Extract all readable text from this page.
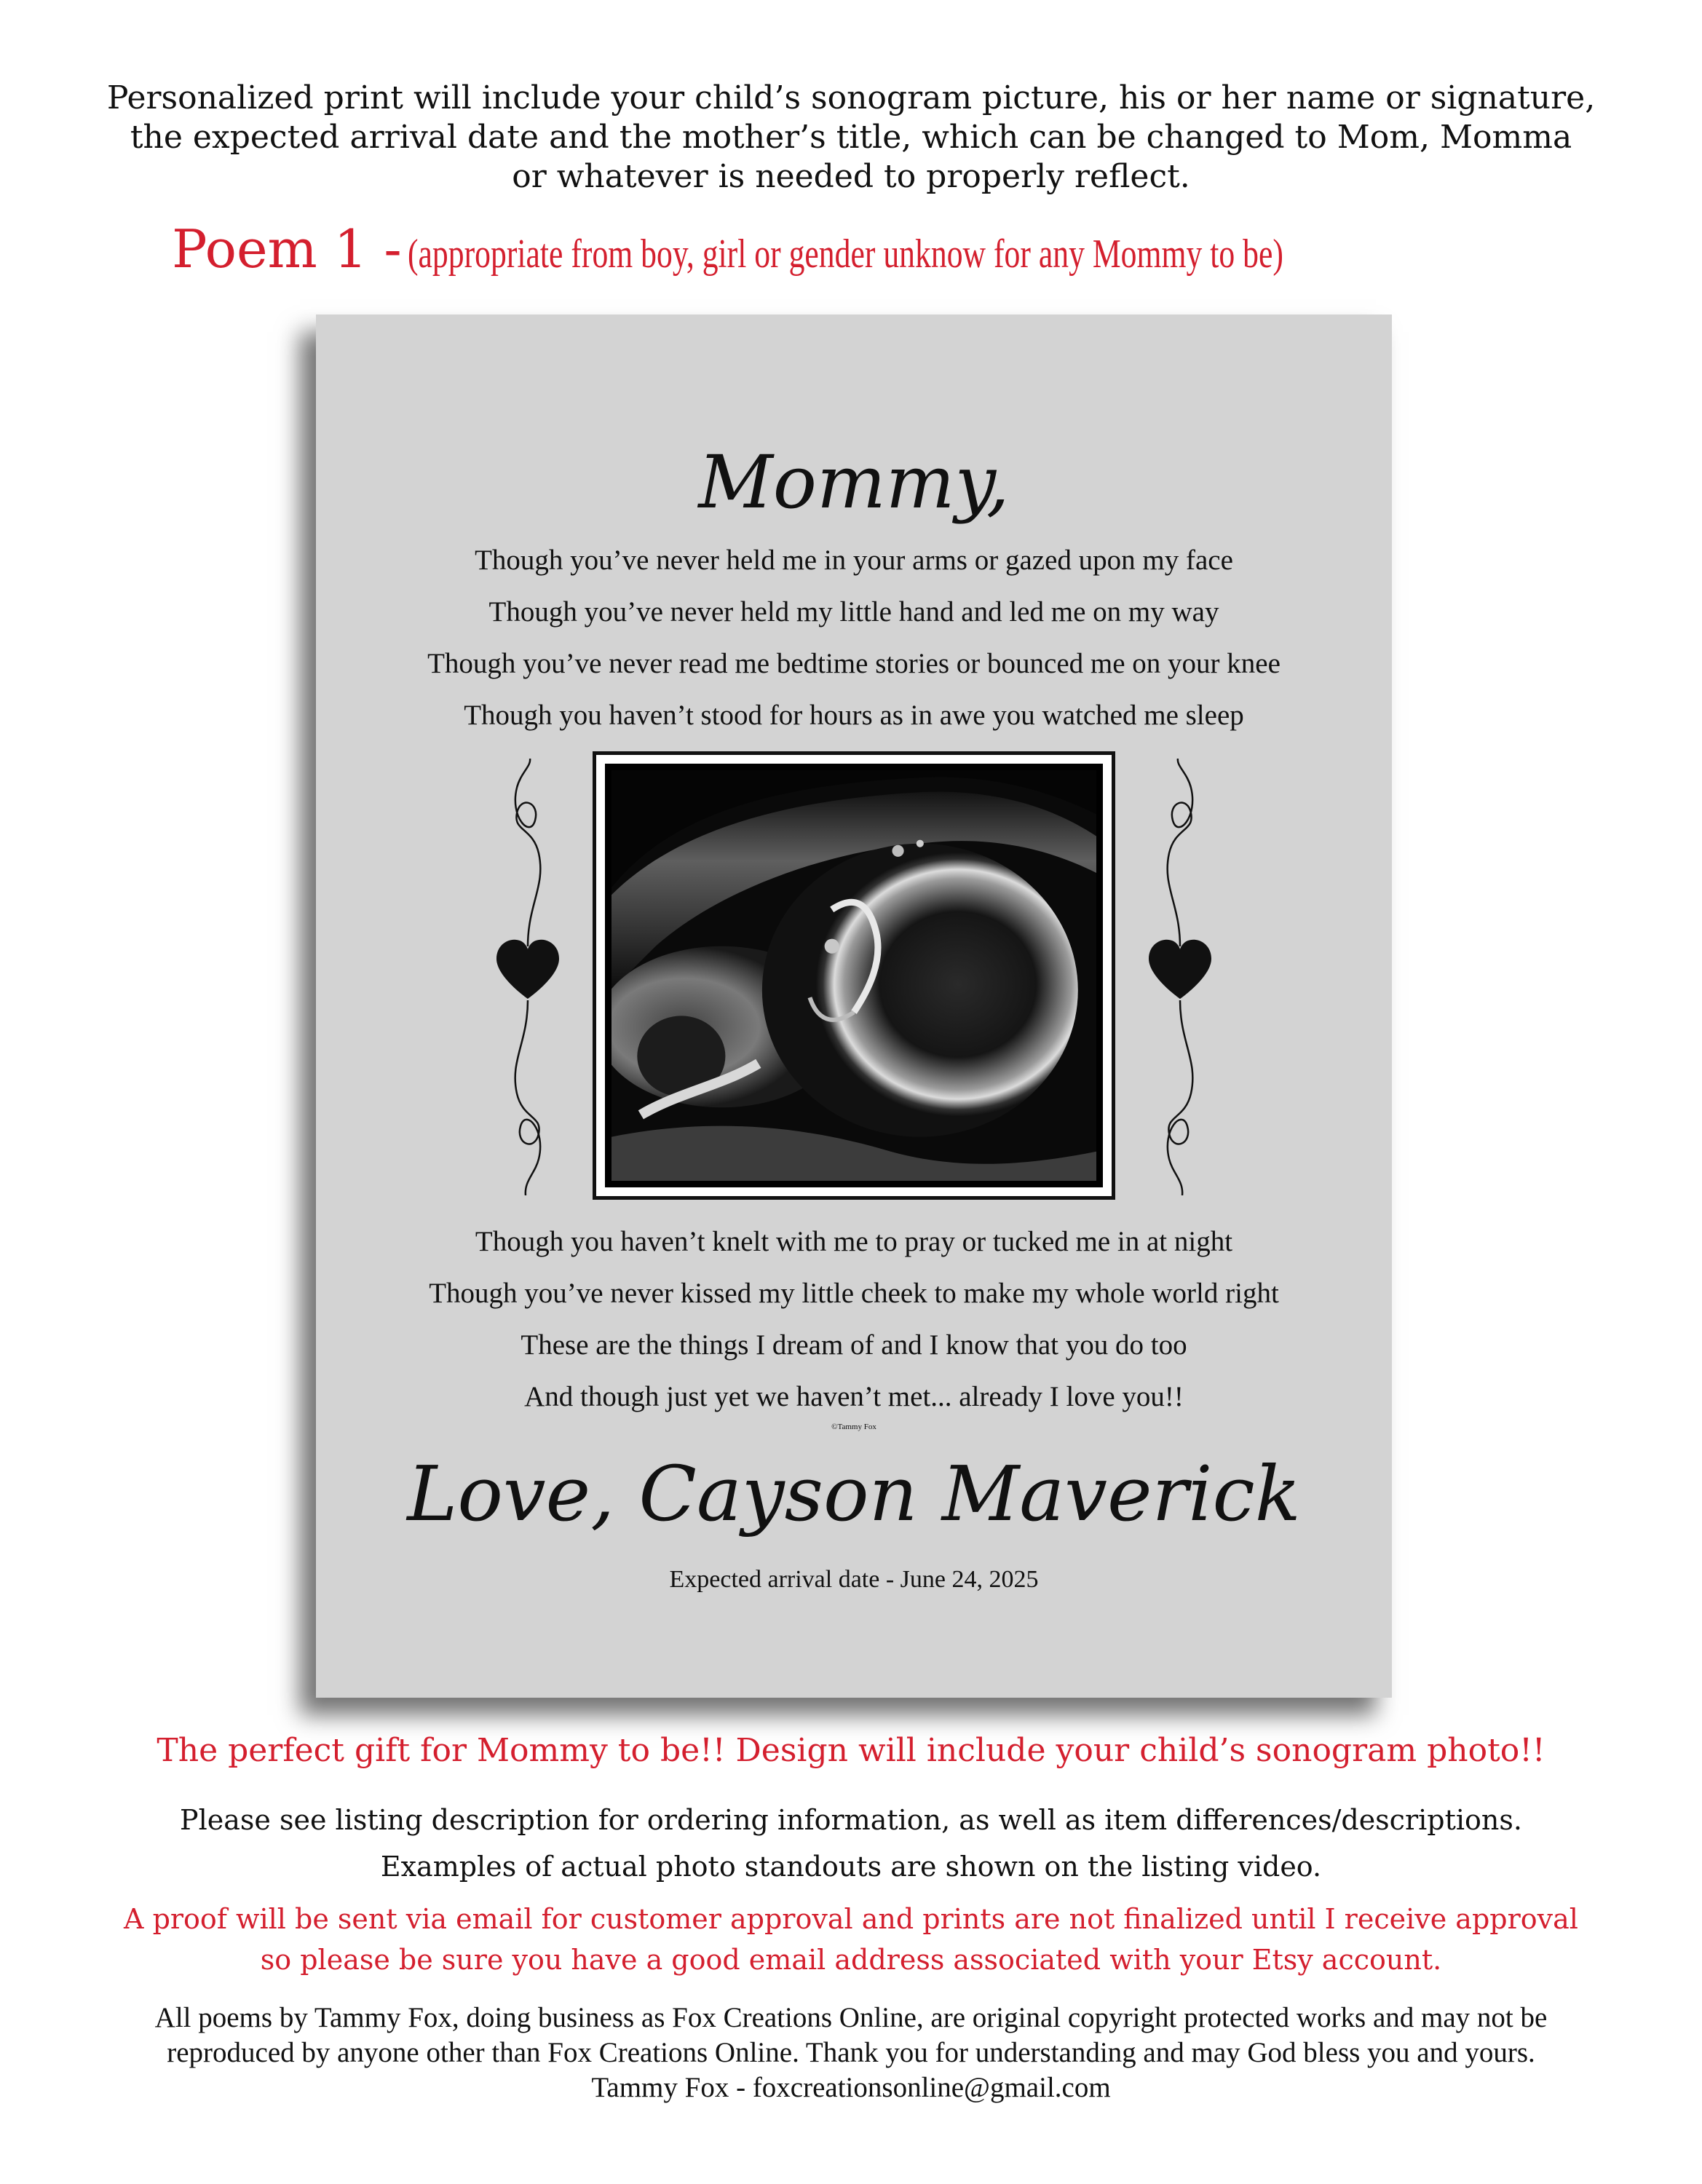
Personalized print will include your child’s sonogram picture, his or her name or signature,
the expected arrival date and the mother’s title, which can be changed to Mom, Momma
or whatever is needed to properly reflect.
Poem 1 - (appropriate from boy, girl or gender unknow for any Mommy to be)
Mommy,
Though you’ve never held me in your arms or gazed upon my face
Though you’ve never held my little hand and led me on my way
Though you’ve never read me bedtime stories or bounced me on your knee
Though you haven’t stood for hours as in awe you watched me sleep
Though you haven’t knelt with me to pray or tucked me in at night
Though you’ve never kissed my little cheek to make my whole world right
These are the things I dream of and I know that you do too
And though just yet we haven’t met... already I love you!!
©Tammy Fox
Love, Cayson Maverick
Expected arrival date - June 24, 2025
The perfect gift for Mommy to be!! Design will include your child’s sonogram photo!!
Please see listing description for ordering information, as well as item differences/descriptions.
Examples of actual photo standouts are shown on the listing video.
A proof will be sent via email for customer approval and prints are not finalized until I receive approval
so please be sure you have a good email address associated with your Etsy account.
All poems by Tammy Fox, doing business as Fox Creations Online, are original copyright protected works and may not be
reproduced by anyone other than Fox Creations Online. Thank you for understanding and may God bless you and yours.
Tammy Fox - foxcreationsonline@gmail.com
